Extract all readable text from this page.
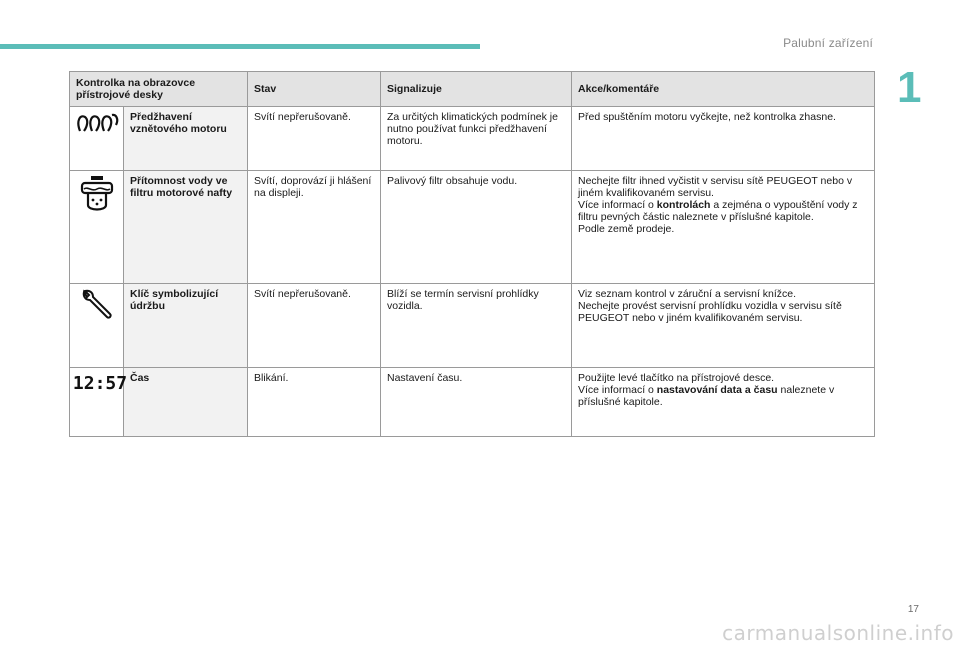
Palubní zařízení
1
Kontrolka na obrazovce přístrojové desky		Stav	Signalizuje	Akce/komentáře

	Předžhavení vznětového motoru	Svítí nepřerušovaně.	Za určitých klimatických podmínek je nutno používat funkci předžhavení motoru.	Před spuštěním motoru vyčkejte, než kontrolka zhasne.

	Přítomnost vody ve filtru motorové nafty	Svítí, doprovází ji hlášení na displeji.	Palivový filtr obsahuje vodu.	Nechejte filtr ihned vyčistit v servisu sítě PEUGEOT nebo v jiném kvalifikovaném servisu.
Více informací o kontrolách a zejména o vypouštění vody z filtru pevných částic naleznete v příslušné kapitole.
Podle země prodeje.

	Klíč symbolizující údržbu	Svítí nepřerušovaně.	Blíží se termín servisní prohlídky vozidla.	Viz seznam kontrol v záruční a servisní knížce.
Nechejte provést servisní prohlídku vozidla v servisu sítě PEUGEOT nebo v jiném kvalifikovaném servisu.

12:57	Čas	Blikání.	Nastavení času.	Použijte levé tlačítko na přístrojové desce.
Více informací o nastavování data a času naleznete v příslušné kapitole.
17
carmanualsonline.info
